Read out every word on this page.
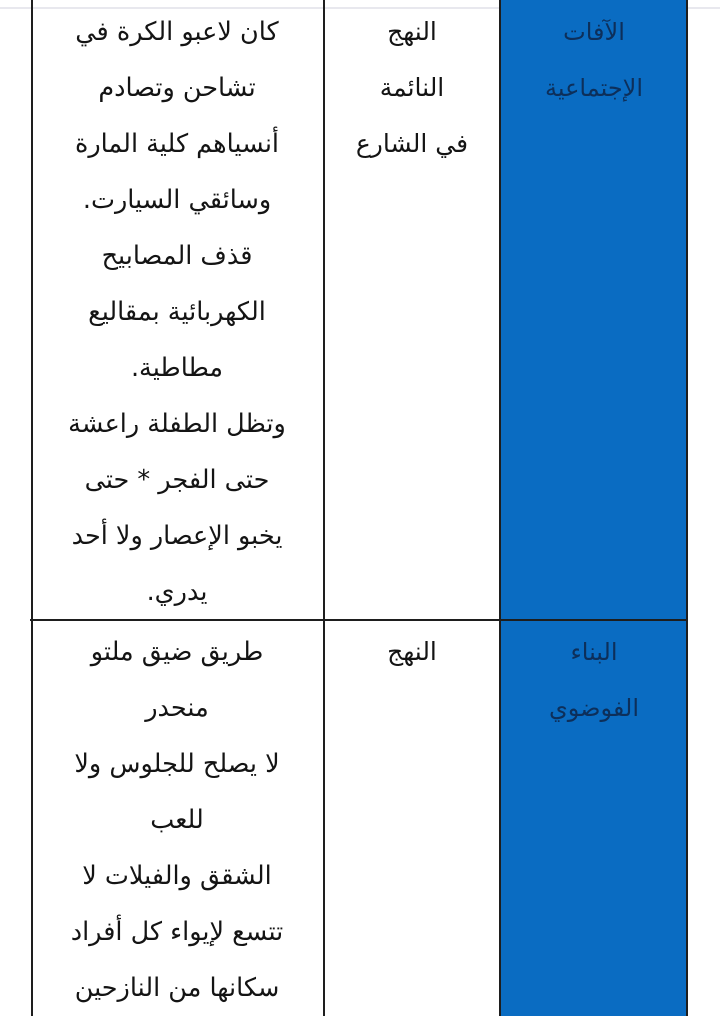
الآفات
الإجتماعية
النهج
النائمة
في الشارع
كان لاعبو الكرة في
تشاحن وتصادم
أنسياهم كلية المارة
وسائقي السيارت.
قذف المصابيح
الكهربائية بمقاليع
مطاطية.
وتظل الطفلة راعشة
حتى الفجر * حتى
يخبو الإعصار ولا أحد
يدري.
البناء
الفوضوي
النهج
طريق ضيق ملتو
منحدر
لا يصلح للجلوس ولا
للعب
الشقق والفيلات لا
تتسع لإيواء كل أفراد
سكانها من النازحين
